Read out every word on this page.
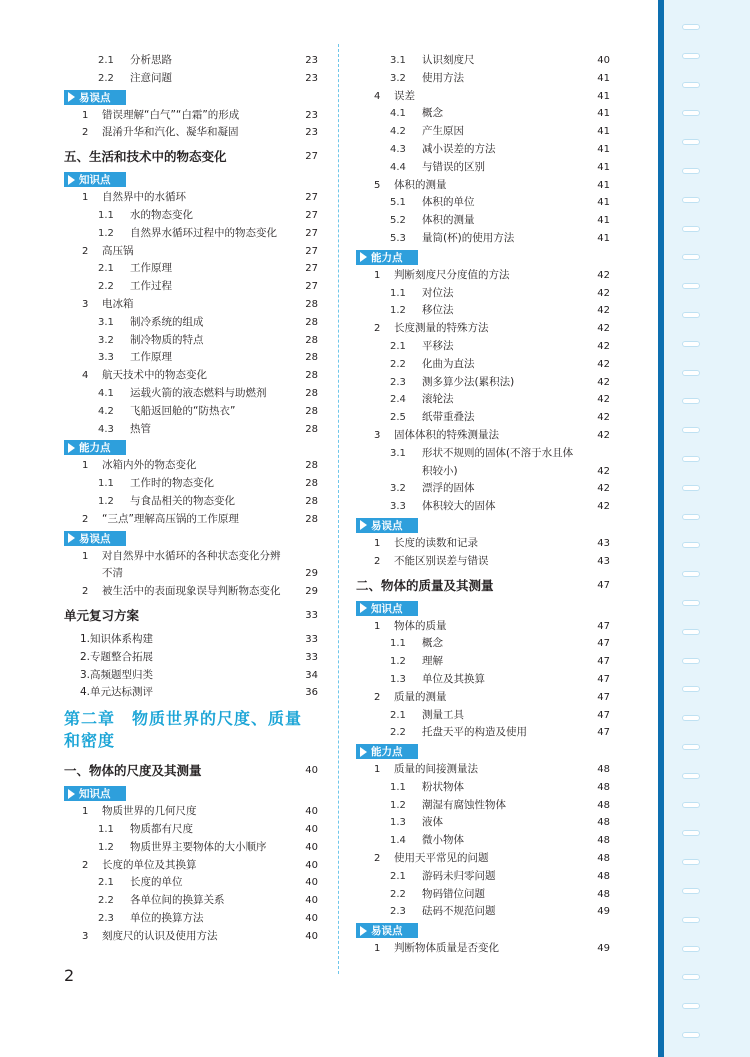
2.1	分析思路	23
2.2	注意问题	23
易误点
1	错误理解“白气”“白霜”的形成	23
2	混淆升华和汽化、凝华和凝固	23
五、生活和技术中的物态变化	27
知识点
1	自然界中的水循环	27
1.1	水的物态变化	27
1.2	自然界水循环过程中的物态变化	27
2	高压锅	27
2.1	工作原理	27
2.2	工作过程	27
3	电冰箱	28
3.1	制冷系统的组成	28
3.2	制冷物质的特点	28
3.3	工作原理	28
4	航天技术中的物态变化	28
4.1	运载火箭的液态燃料与助燃剂	28
4.2	飞船返回舱的“防热衣”	28
4.3	热管	28
能力点
1	冰箱内外的物态变化	28
1.1	工作时的物态变化	28
1.2	与食品相关的物态变化	28
2	“三点”理解高压锅的工作原理	28
易误点
1	对自然界中水循环的各种状态变化分辨不清	29
2	被生活中的表面现象误导判断物态变化	29
单元复习方案	33
1.知识体系构建	33
2.专题整合拓展	33
3.高频题型归类	34
4.单元达标测评	36
第二章　物质世界的尺度、质量和密度
一、物体的尺度及其测量	40
知识点
1	物质世界的几何尺度	40
1.1	物质都有尺度	40
1.2	物质世界主要物体的大小顺序	40
2	长度的单位及其换算	40
2.1	长度的单位	40
2.2	各单位间的换算关系	40
2.3	单位的换算方法	40
3	刻度尺的认识及使用方法	40
3.1	认识刻度尺	40
3.2	使用方法	41
4	误差	41
4.1	概念	41
4.2	产生原因	41
4.3	减小误差的方法	41
4.4	与错误的区别	41
5	体积的测量	41
5.1	体积的单位	41
5.2	体积的测量	41
5.3	量筒(杯)的使用方法	41
能力点
1	判断刻度尺分度值的方法	42
1.1	对位法	42
1.2	移位法	42
2	长度测量的特殊方法	42
2.1	平移法	42
2.2	化曲为直法	42
2.3	测多算少法(累积法)	42
2.4	滚轮法	42
2.5	纸带重叠法	42
3	固体体积的特殊测量法	42
3.1	形状不规则的固体(不溶于水且体积较小)	42
3.2	漂浮的固体	42
3.3	体积较大的固体	42
易误点
1	长度的读数和记录	43
2	不能区别误差与错误	43
二、物体的质量及其测量	47
知识点
1	物体的质量	47
1.1	概念	47
1.2	理解	47
1.3	单位及其换算	47
2	质量的测量	47
2.1	测量工具	47
2.2	托盘天平的构造及使用	47
能力点
1	质量的间接测量法	48
1.1	粉状物体	48
1.2	潮湿有腐蚀性物体	48
1.3	液体	48
1.4	微小物体	48
2	使用天平常见的问题	48
2.1	游码未归零问题	48
2.2	物码错位问题	48
2.3	砝码不规范问题	49
易误点
1	判断物体质量是否变化	49
2
